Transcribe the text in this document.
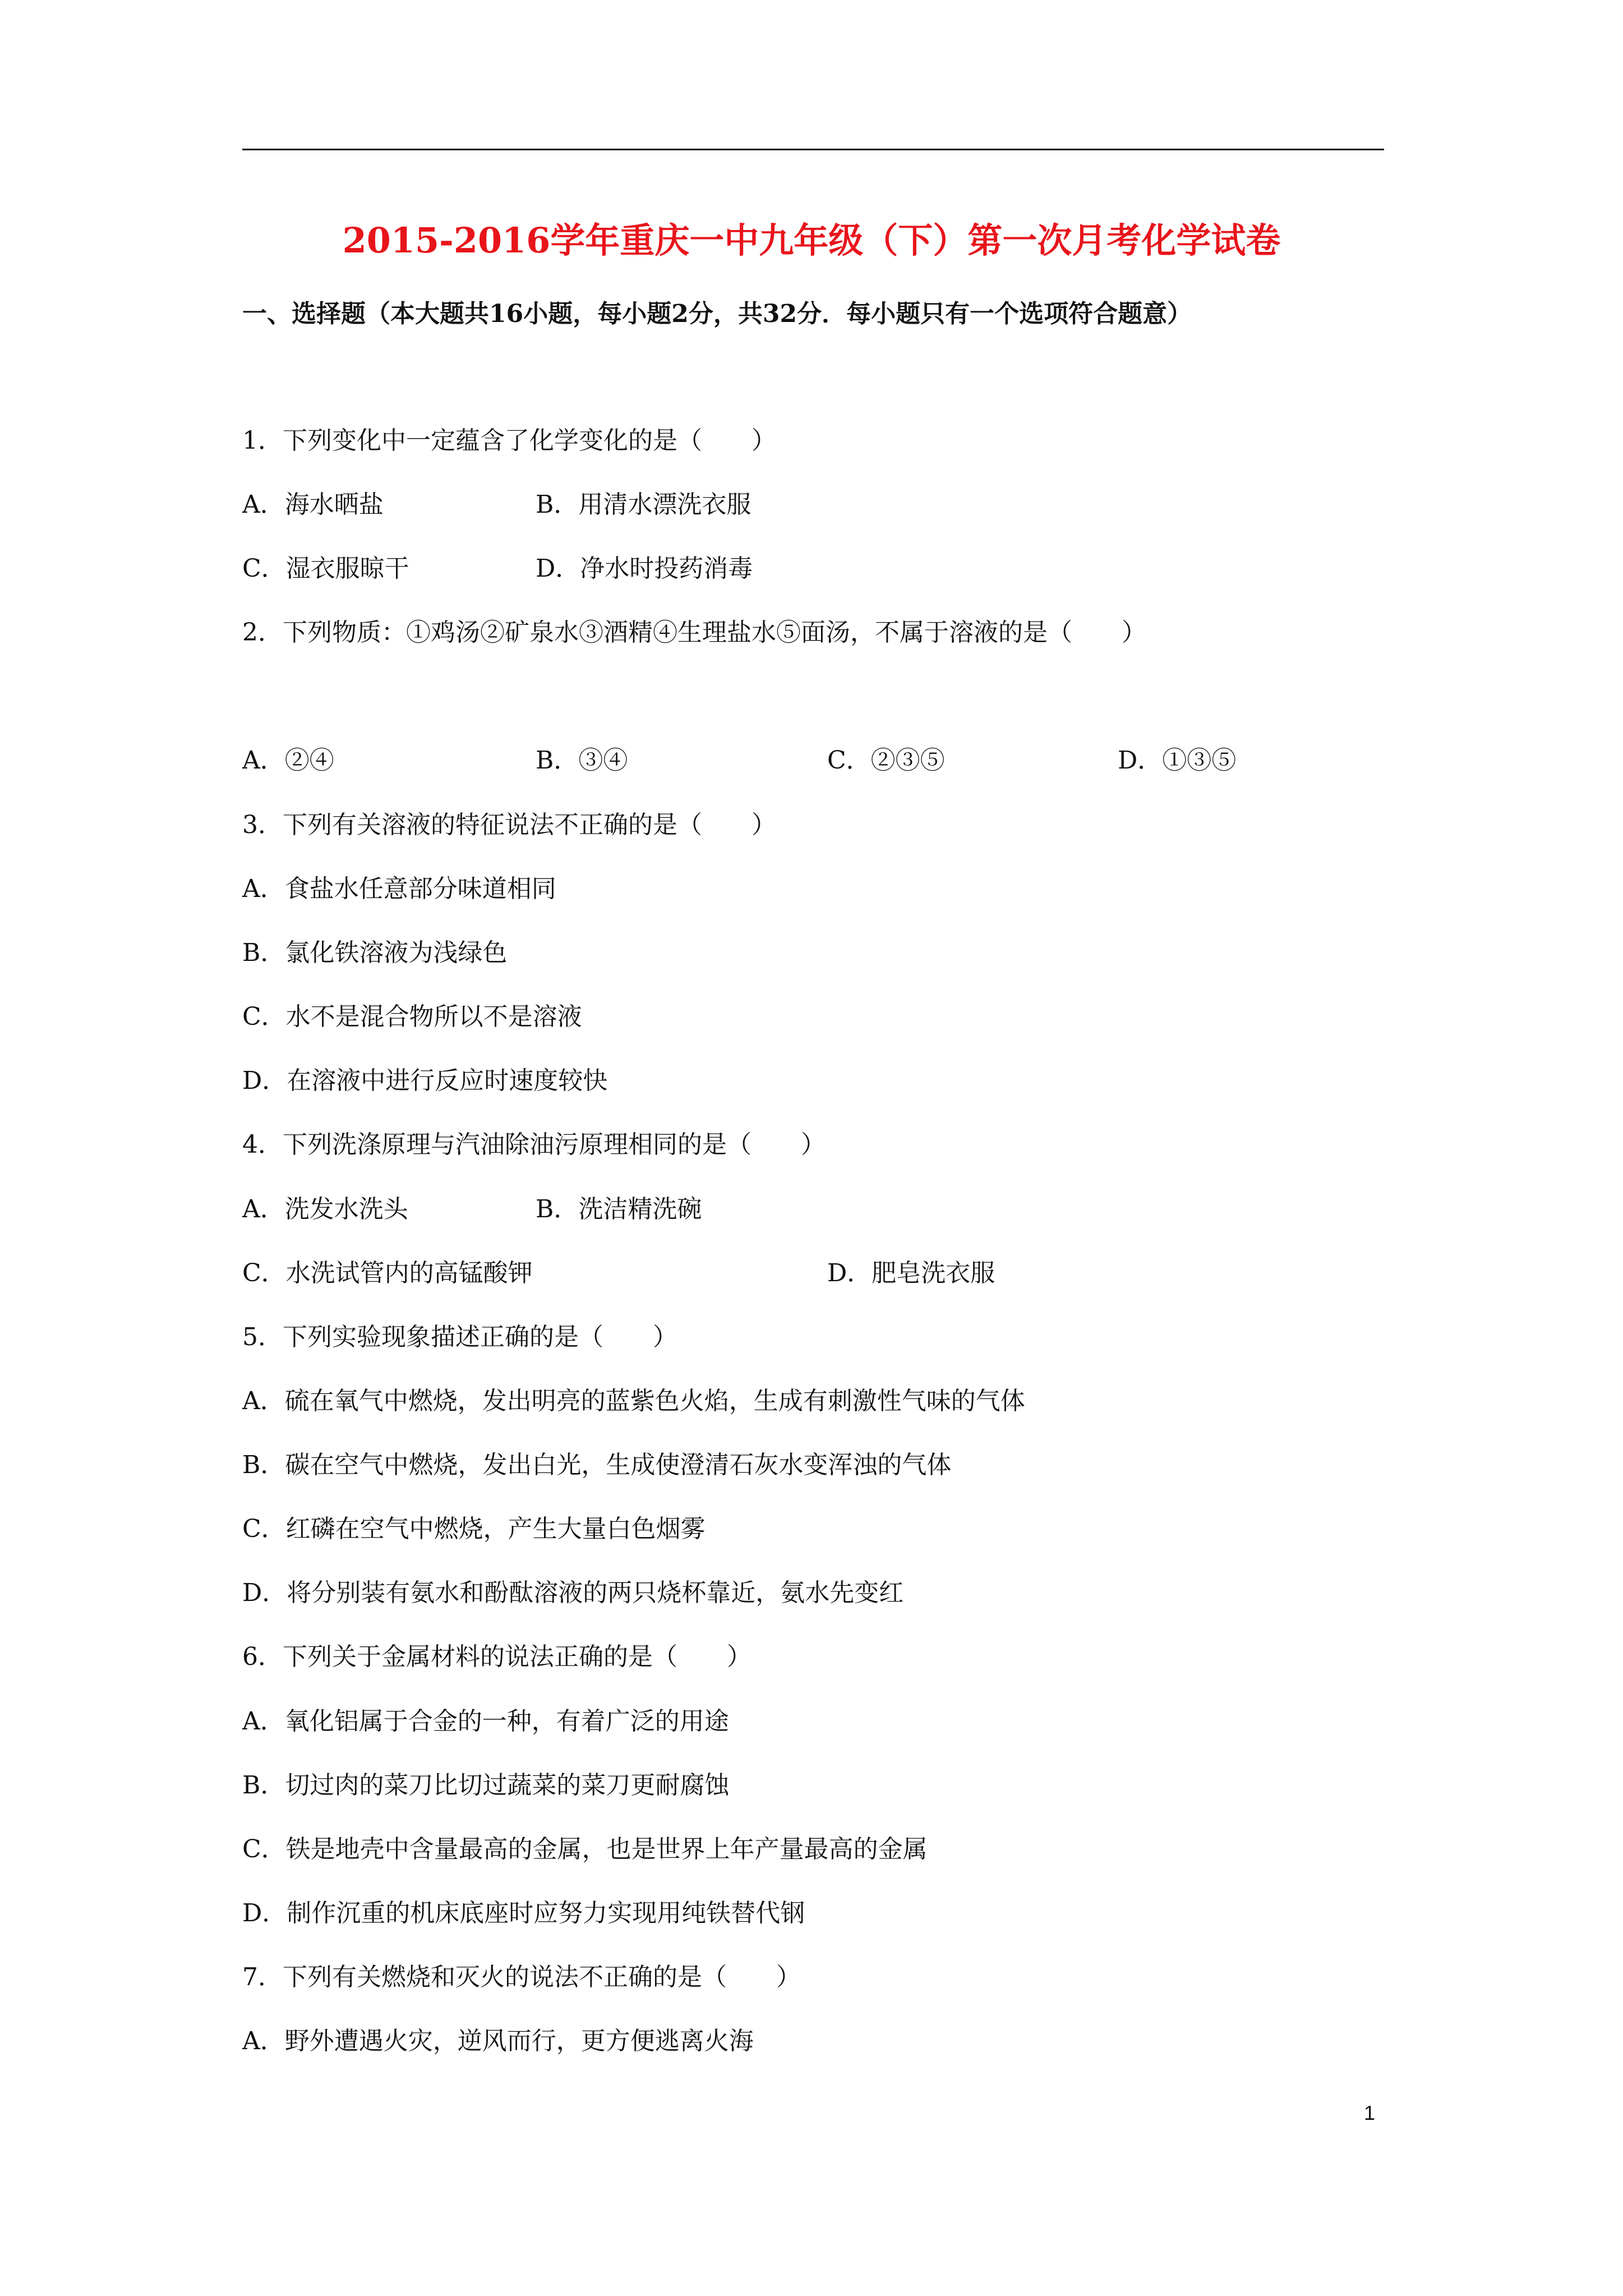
2015-2016学年重庆一中九年级（下）第一次月考化学试卷
一、选择题（本大题共16小题，每小题2分，共32分．每小题只有一个选项符合题意）
1．下列变化中一定蕴含了化学变化的是（　　）
A．海水晒盐	B．用清水漂洗衣服
C．湿衣服晾干	D．净水时投药消毒
2．下列物质：①鸡汤②矿泉水③酒精④生理盐水⑤面汤，不属于溶液的是（　　）
A．②④	B．③④	C．②③⑤	D．①③⑤
3．下列有关溶液的特征说法不正确的是（　　）
A．食盐水任意部分味道相同
B．氯化铁溶液为浅绿色
C．水不是混合物所以不是溶液
D．在溶液中进行反应时速度较快
4．下列洗涤原理与汽油除油污原理相同的是（　　）
A．洗发水洗头	B．洗洁精洗碗
C．水洗试管内的高锰酸钾	D．肥皂洗衣服
5．下列实验现象描述正确的是（　　）
A．硫在氧气中燃烧，发出明亮的蓝紫色火焰，生成有刺激性气味的气体
B．碳在空气中燃烧，发出白光，生成使澄清石灰水变浑浊的气体
C．红磷在空气中燃烧，产生大量白色烟雾
D．将分别装有氨水和酚酞溶液的两只烧杯靠近，氨水先变红
6．下列关于金属材料的说法正确的是（　　）
A．氧化铝属于合金的一种，有着广泛的用途
B．切过肉的菜刀比切过蔬菜的菜刀更耐腐蚀
C．铁是地壳中含量最高的金属，也是世界上年产量最高的金属
D．制作沉重的机床底座时应努力实现用纯铁替代钢
7．下列有关燃烧和灭火的说法不正确的是（　　）
A．野外遭遇火灾，逆风而行，更方便逃离火海
1
